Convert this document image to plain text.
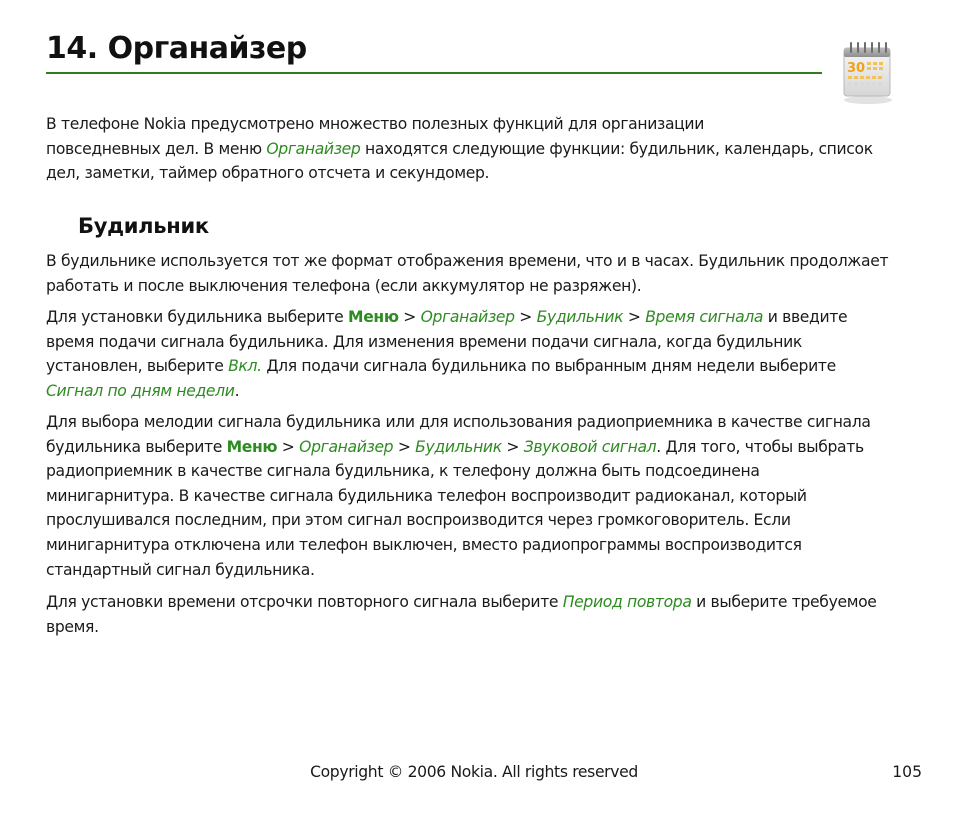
14. Органайзер
30

В телефоне Nokia предусмотрено множество полезных функций для организации
повседневных дел. В меню Органайзер находятся следующие функции: будильник, календарь, список
дел, заметки, таймер обратного отсчета и секундомер.

Будильник

В будильнике используется тот же формат отображения времени, что и в часах. Будильник продолжает
работать и после выключения телефона (если аккумулятор не разряжен).

Для установки будильника выберите Меню > Органайзер > Будильник > Время сигнала и введите
время подачи сигнала будильника. Для изменения времени подачи сигнала, когда будильник
установлен, выберите Вкл. Для подачи сигнала будильника по выбранным дням недели выберите
Сигнал по дням недели.

Для выбора мелодии сигнала будильника или для использования радиоприемника в качестве сигнала
будильника выберите Меню > Органайзер > Будильник > Звуковой сигнал. Для того, чтобы выбрать
радиоприемник в качестве сигнала будильника, к телефону должна быть подсоединена
минигарнитура. В качестве сигнала будильника телефон воспроизводит радиоканал, который
прослушивался последним, при этом сигнал воспроизводится через громкоговоритель. Если
минигарнитура отключена или телефон выключен, вместо радиопрограммы воспроизводится
стандартный сигнал будильника.

Для установки времени отсрочки повторного сигнала выберите Период повтора и выберите требуемое
время.

Copyright © 2006 Nokia. All rights reserved	105
